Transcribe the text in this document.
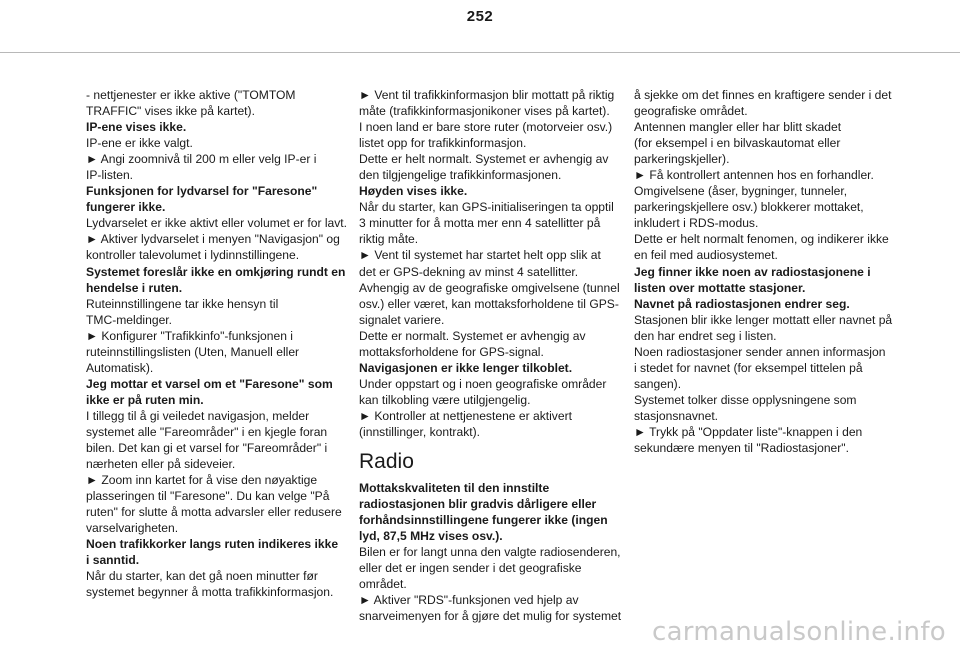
252
- nettjenester er ikke aktive ("TOMTOM
TRAFFIC" vises ikke på kartet).
IP-ene vises ikke.
IP-ene er ikke valgt.
► Angi zoomnivå til 200 m eller velg IP-er i
IP-listen.
Funksjonen for lydvarsel for "Faresone"
fungerer ikke.
Lydvarselet er ikke aktivt eller volumet er for lavt.
► Aktiver lydvarselet i menyen "Navigasjon" og
kontroller talevolumet i lydinnstillingene.
Systemet foreslår ikke en omkjøring rundt en
hendelse i ruten.
Ruteinnstillingene tar ikke hensyn til
TMC-meldinger.
► Konfigurer "Trafikkinfo"-funksjonen i
ruteinnstillingslisten (Uten, Manuell eller
Automatisk).
Jeg mottar et varsel om et "Faresone" som
ikke er på ruten min.
I tillegg til å gi veiledet navigasjon, melder
systemet alle "Fareområder" i en kjegle foran
bilen. Det kan gi et varsel for "Fareområder" i
nærheten eller på sideveier.
► Zoom inn kartet for å vise den nøyaktige
plasseringen til "Faresone". Du kan velge "På
ruten" for slutte å motta advarsler eller redusere
varselvarigheten.
Noen trafikkorker langs ruten indikeres ikke
i sanntid.
Når du starter, kan det gå noen minutter før
systemet begynner å motta trafikkinformasjon.
► Vent til trafikkinformasjon blir mottatt på riktig
måte (trafikkinformasjonikoner vises på kartet).
I noen land er bare store ruter (motorveier osv.)
listet opp for trafikkinformasjon.
Dette er helt normalt. Systemet er avhengig av
den tilgjengelige trafikkinformasjonen.
Høyden vises ikke.
Når du starter, kan GPS-initialiseringen ta opptil
3 minutter for å motta mer enn 4 satellitter på
riktig måte.
► Vent til systemet har startet helt opp slik at
det er GPS-dekning av minst 4 satellitter.
Avhengig av de geografiske omgivelsene (tunnel
osv.) eller været, kan mottaksforholdene til GPS-
signalet variere.
Dette er normalt. Systemet er avhengig av
mottaksforholdene for GPS-signal.
Navigasjonen er ikke lenger tilkoblet.
Under oppstart og i noen geografiske områder
kan tilkobling være utilgjengelig.
► Kontroller at nettjenestene er aktivert
(innstillinger, kontrakt).
Radio
Mottakskvaliteten til den innstilte
radiostasjonen blir gradvis dårligere eller
forhåndsinnstillingene fungerer ikke (ingen
lyd, 87,5 MHz vises osv.).
Bilen er for langt unna den valgte radiosenderen,
eller det er ingen sender i det geografiske
området.
► Aktiver "RDS"-funksjonen ved hjelp av
snarveimenyen for å gjøre det mulig for systemet
å sjekke om det finnes en kraftigere sender i det
geografiske området.
Antennen mangler eller har blitt skadet
(for eksempel i en bilvaskautomat eller
parkeringskjeller).
► Få kontrollert antennen hos en forhandler.
Omgivelsene (åser, bygninger, tunneler,
parkeringskjellere osv.) blokkerer mottaket,
inkludert i RDS-modus.
Dette er helt normalt fenomen, og indikerer ikke
en feil med audiosystemet.
Jeg finner ikke noen av radiostasjonene i
listen over mottatte stasjoner.
Navnet på radiostasjonen endrer seg.
Stasjonen blir ikke lenger mottatt eller navnet på
den har endret seg i listen.
Noen radiostasjoner sender annen informasjon
i stedet for navnet (for eksempel tittelen på
sangen).
Systemet tolker disse opplysningene som
stasjonsnavnet.
► Trykk på "Oppdater liste"-knappen i den
sekundære menyen til "Radiostasjoner".
carmanualsonline.info
